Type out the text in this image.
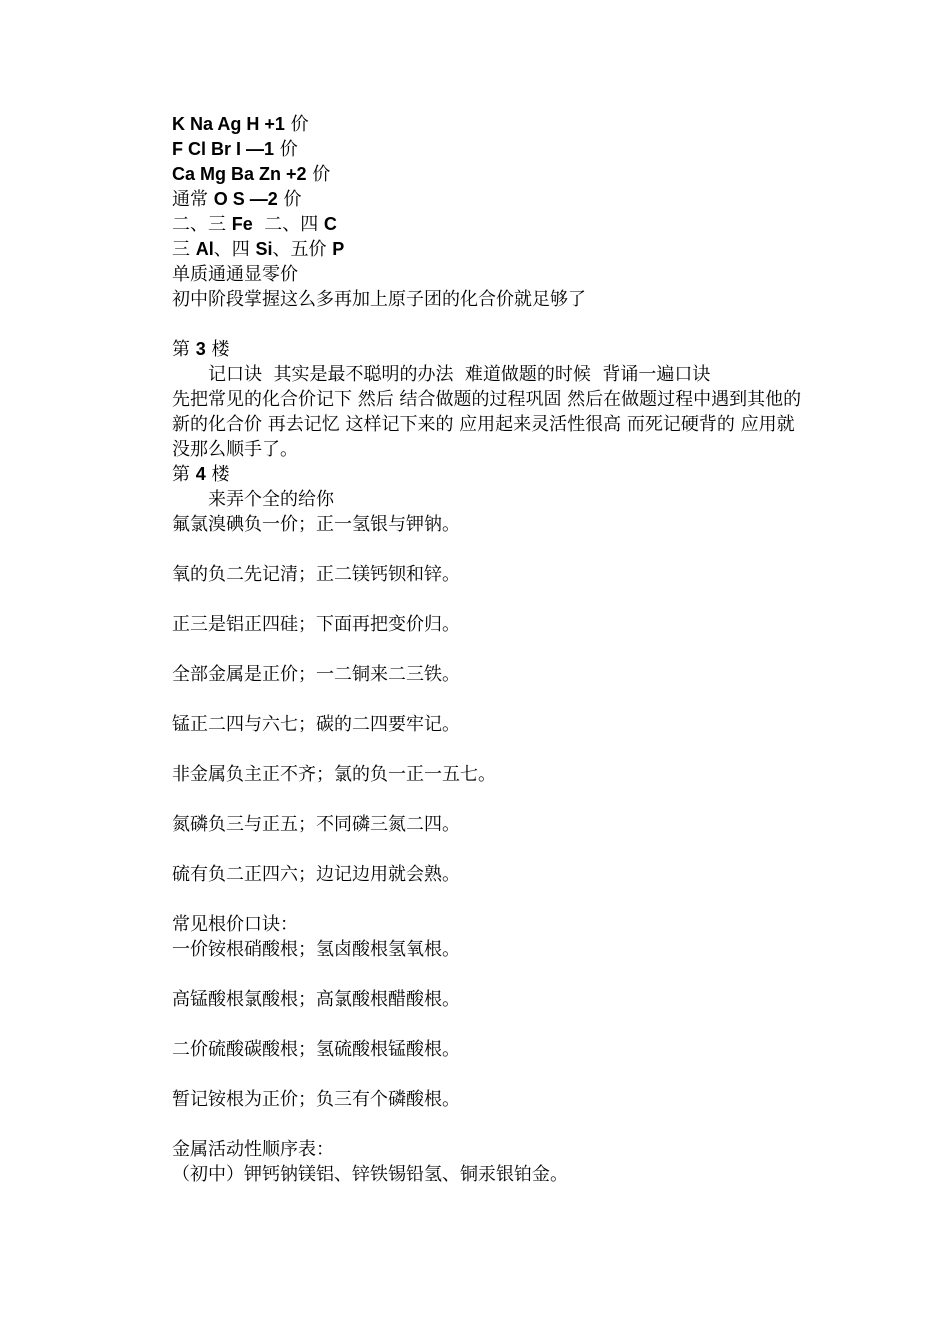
K Na Ag H +1 价
F Cl Br I —1 价
Ca Mg Ba Zn +2 价
通常 O S —2 价
二、三 Fe  二、四 C
三 Al、四 Si、五价 P
单质通通显零价
初中阶段掌握这么多再加上原子团的化合价就足够了
第 3 楼
记口诀  其实是最不聪明的办法  难道做题的时候  背诵一遍口诀
先把常见的化合价记下 然后 结合做题的过程巩固 然后在做题过程中遇到其他的新的化合价 再去记忆 这样记下来的 应用起来灵活性很高 而死记硬背的 应用就没那么顺手了。
第 4 楼
来弄个全的给你
氟氯溴碘负一价；正一氢银与钾钠。
氧的负二先记清；正二镁钙钡和锌。
正三是铝正四硅；下面再把变价归。
全部金属是正价；一二铜来二三铁。
锰正二四与六七；碳的二四要牢记。
非金属负主正不齐；氯的负一正一五七。
氮磷负三与正五；不同磷三氮二四。
硫有负二正四六；边记边用就会熟。
常见根价口诀：
一价铵根硝酸根；氢卤酸根氢氧根。
高锰酸根氯酸根；高氯酸根醋酸根。
二价硫酸碳酸根；氢硫酸根锰酸根。
暂记铵根为正价；负三有个磷酸根。
金属活动性顺序表：
（初中）钾钙钠镁铝、锌铁锡铅氢、铜汞银铂金。
